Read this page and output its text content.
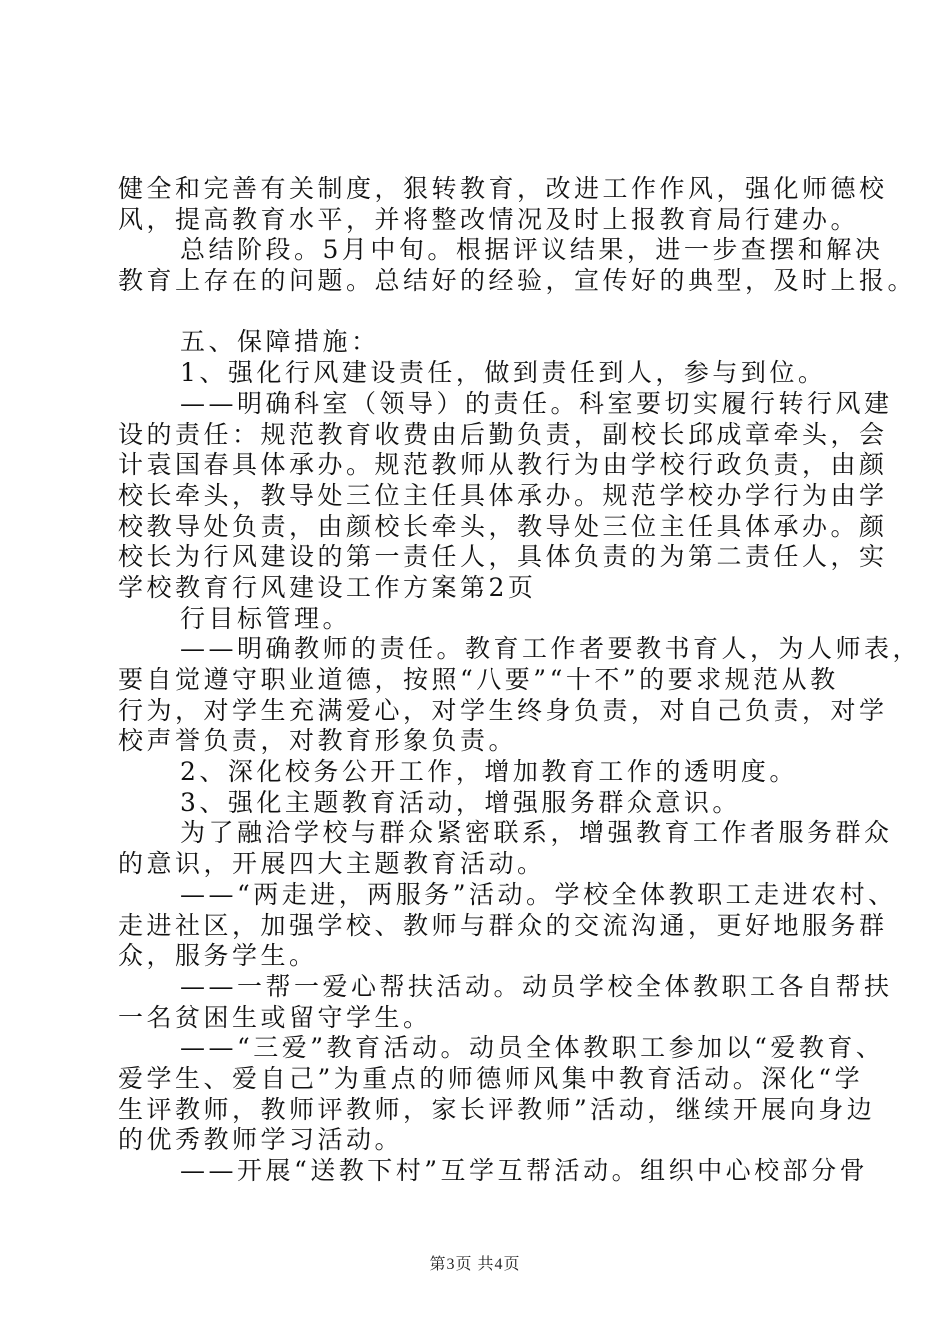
健全和完善有关制度，狠转教育，改进工作作风，强化师德校
风，提高教育水平，并将整改情况及时上报教育局行建办。
总结阶段。5月中旬。根据评议结果，进一步查摆和解决
教育上存在的问题。总结好的经验，宣传好的典型，及时上报。
五、保障措施：
1、强化行风建设责任，做到责任到人，参与到位。
——明确科室（领导）的责任。科室要切实履行转行风建
设的责任：规范教育收费由后勤负责，副校长邱成章牵头，会
计袁国春具体承办。规范教师从教行为由学校行政负责，由颜
校长牵头，教导处三位主任具体承办。规范学校办学行为由学
校教导处负责，由颜校长牵头，教导处三位主任具体承办。颜
校长为行风建设的第一责任人，具体负责的为第二责任人，实
学校教育行风建设工作方案第2页
行目标管理。
——明确教师的责任。教育工作者要教书育人，为人师表，
要自觉遵守职业道德，按照“八要”“十不”的要求规范从教
行为，对学生充满爱心，对学生终身负责，对自己负责，对学
校声誉负责，对教育形象负责。
2、深化校务公开工作，增加教育工作的透明度。
3、强化主题教育活动，增强服务群众意识。
为了融洽学校与群众紧密联系，增强教育工作者服务群众
的意识，开展四大主题教育活动。
——“两走进，两服务”活动。学校全体教职工走进农村、
走进社区，加强学校、教师与群众的交流沟通，更好地服务群
众，服务学生。
——一帮一爱心帮扶活动。动员学校全体教职工各自帮扶
一名贫困生或留守学生。
——“三爱”教育活动。动员全体教职工参加以“爱教育、
爱学生、爱自己”为重点的师德师风集中教育活动。深化“学
生评教师，教师评教师，家长评教师”活动，继续开展向身边
的优秀教师学习活动。
——开展“送教下村”互学互帮活动。组织中心校部分骨
第3页 共4页
